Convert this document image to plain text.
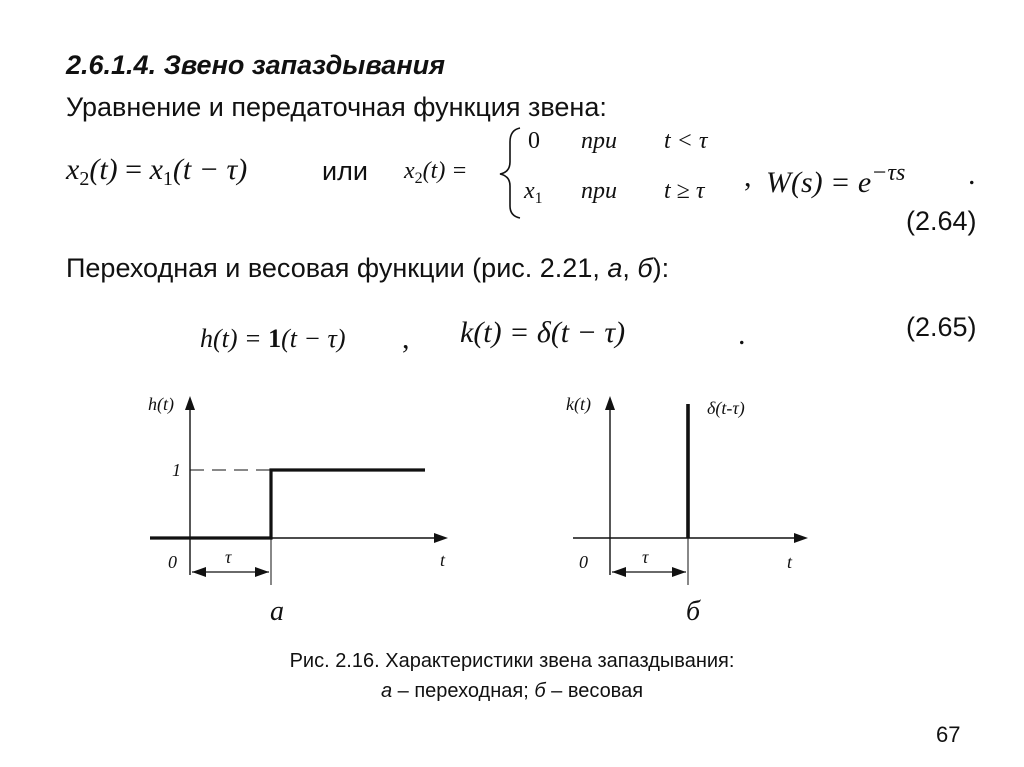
2.6.1.4. Звено запаздывания
Уравнение и передаточная функция звена:
$x_2(t) = x_1(t - \tau)$	или $x_2(t)$ =
0 при t < τ
$x_1$ при t ≥ τ , $W(s) = e^{-\tau s}$ .
(2.64)
Переходная и весовая функции (рис. 2.21, а, б):
h(t) = 1(t − τ) , k(t) = δ(t − τ)	.	(2.65)
h(t)
1
0	τ	t
а
k(t)	δ(t-τ)
0	τ	t
б
Рис. 2.16. Характеристики звена запаздывания:
а – переходная; б – весовая
67
